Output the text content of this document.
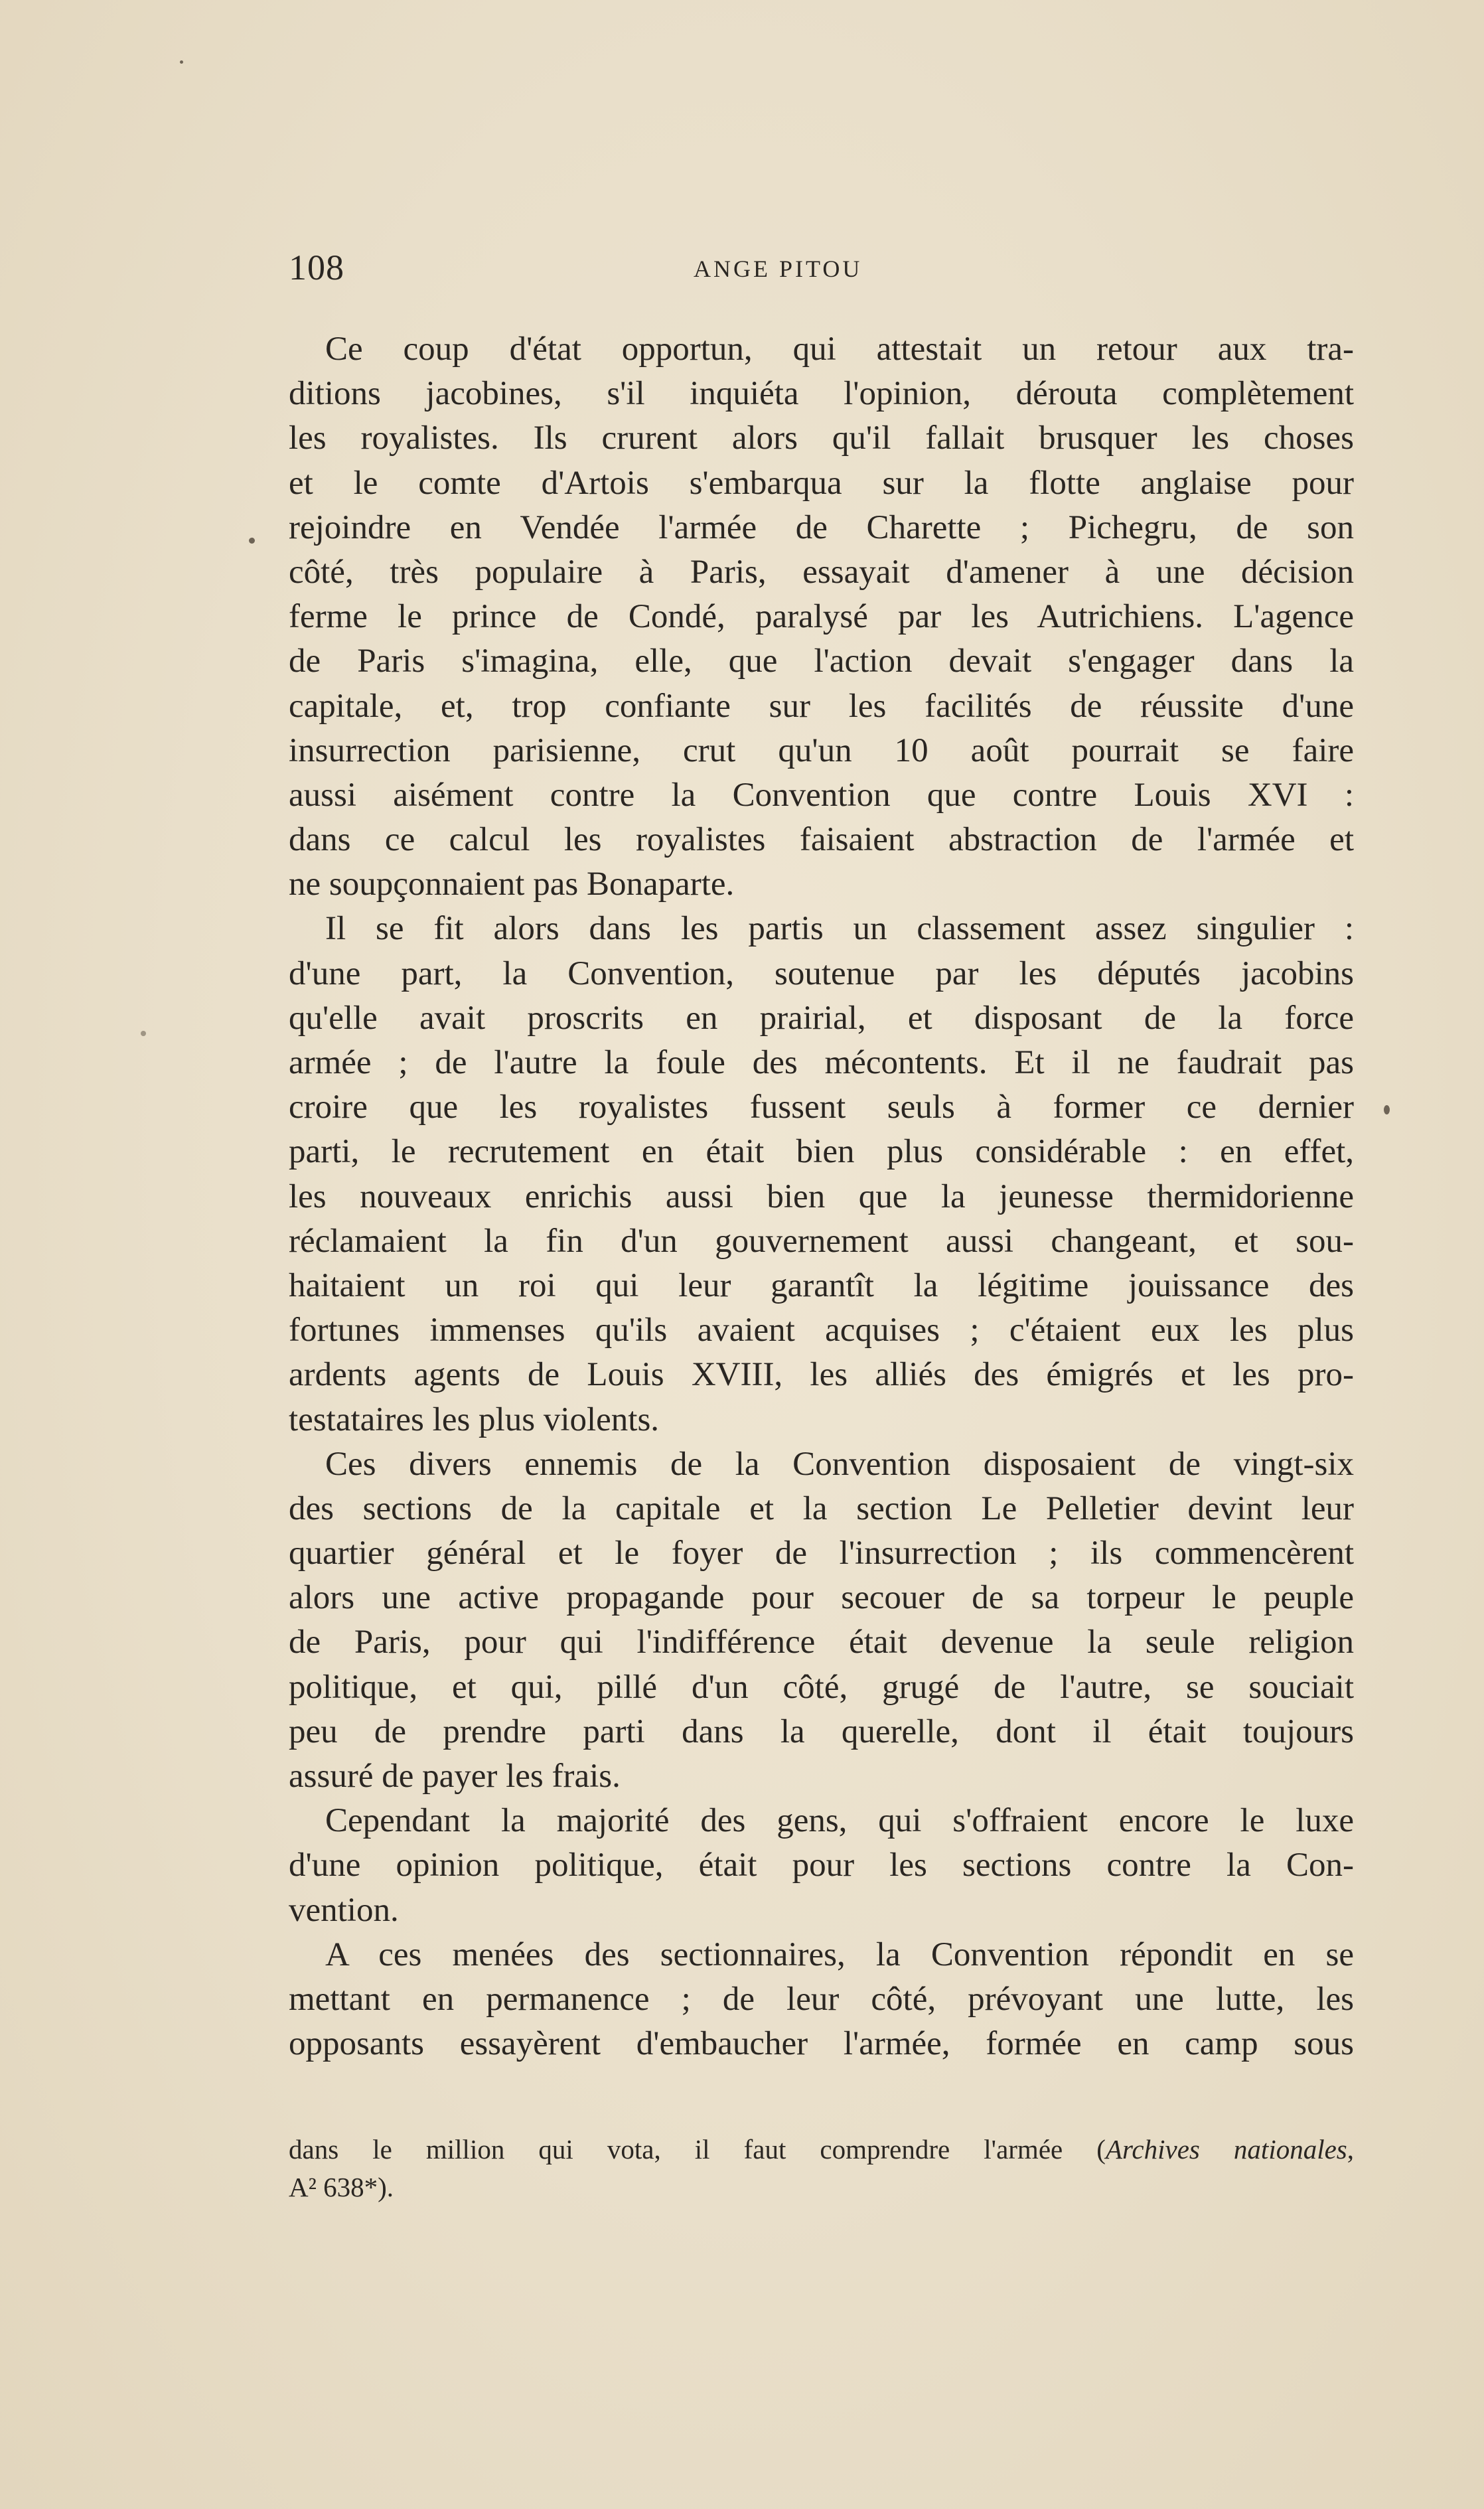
108	ANGE PITOU
Ce coup d'état opportun, qui attestait un retour aux tra-
ditions jacobines, s'il inquiéta l'opinion, dérouta complètement
les royalistes. Ils crurent alors qu'il fallait brusquer les choses
et le comte d'Artois s'embarqua sur la flotte anglaise pour
rejoindre en Vendée l'armée de Charette ; Pichegru, de son
côté, très populaire à Paris, essayait d'amener à une décision
ferme le prince de Condé, paralysé par les Autrichiens. L'agence
de Paris s'imagina, elle, que l'action devait s'engager dans la
capitale, et, trop confiante sur les facilités de réussite d'une
insurrection parisienne, crut qu'un 10 août pourrait se faire
aussi aisément contre la Convention que contre Louis XVI :
dans ce calcul les royalistes faisaient abstraction de l'armée et
ne soupçonnaient pas Bonaparte.
Il se fit alors dans les partis un classement assez singulier :
d'une part, la Convention, soutenue par les députés jacobins
qu'elle avait proscrits en prairial, et disposant de la force
armée ; de l'autre la foule des mécontents. Et il ne faudrait pas
croire que les royalistes fussent seuls à former ce dernier
parti, le recrutement en était bien plus considérable : en effet,
les nouveaux enrichis aussi bien que la jeunesse thermidorienne
réclamaient la fin d'un gouvernement aussi changeant, et sou-
haitaient un roi qui leur garantît la légitime jouissance des
fortunes immenses qu'ils avaient acquises ; c'étaient eux les plus
ardents agents de Louis XVIII, les alliés des émigrés et les pro-
testataires les plus violents.
Ces divers ennemis de la Convention disposaient de vingt-six
des sections de la capitale et la section Le Pelletier devint leur
quartier général et le foyer de l'insurrection ; ils commencèrent
alors une active propagande pour secouer de sa torpeur le peuple
de Paris, pour qui l'indifférence était devenue la seule religion
politique, et qui, pillé d'un côté, grugé de l'autre, se souciait
peu de prendre parti dans la querelle, dont il était toujours
assuré de payer les frais.
Cependant la majorité des gens, qui s'offraient encore le luxe
d'une opinion politique, était pour les sections contre la Con-
vention.
A ces menées des sectionnaires, la Convention répondit en se
mettant en permanence ; de leur côté, prévoyant une lutte, les
opposants essayèrent d'embaucher l'armée, formée en camp sous
dans le million qui vota, il faut comprendre l'armée (Archives nationales,
A² 638*).
